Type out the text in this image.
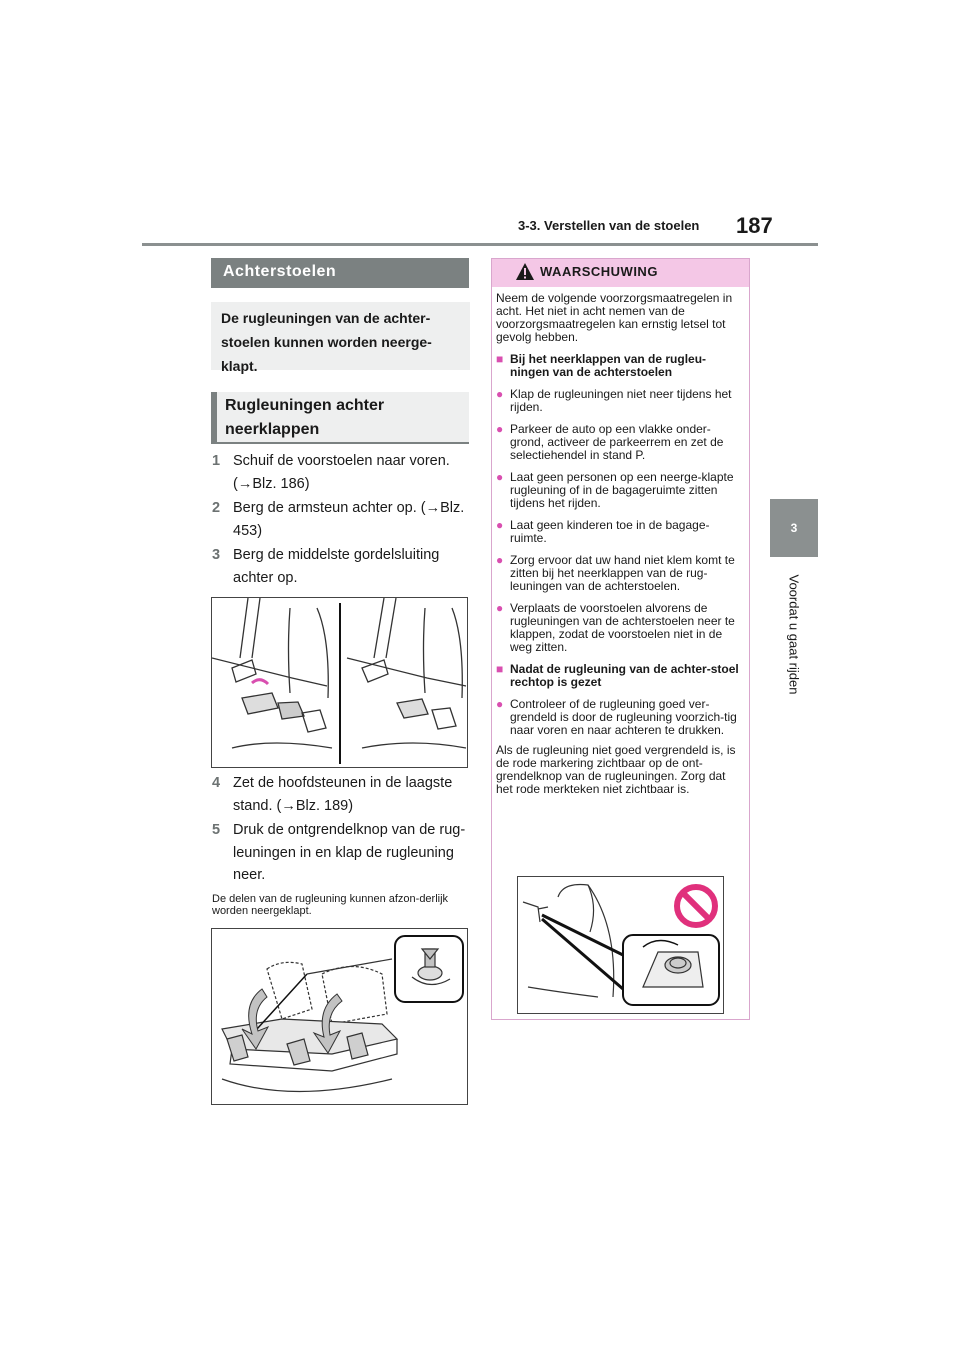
3-3. Verstellen van de stoelen 187
3
Voordat u gaat rijden
Achterstoelen
De rugleuningen van de achter-stoelen kunnen worden neerge-klapt.
Rugleuningen achter neerklappen
1 Schuif de voorstoelen naar voren. (→Blz. 186)
2 Berg de armsteun achter op. (→Blz. 453)
3 Berg de middelste gordelsluiting achter op.
4 Zet de hoofdsteunen in de laagste stand. (→Blz. 189)
5 Druk de ontgrendelknop van de rug-leuningen in en klap de rugleuning neer.
De delen van de rugleuning kunnen afzon-derlijk worden neergeklapt.
WAARSCHUWING

Neem de volgende voorzorgsmaatregelen in acht. Het niet in acht nemen van de voorzorgsmaatregelen kan ernstig letsel tot gevolg hebben.

■ Bij het neerklappen van de rugleu-ningen van de achterstoelen
● Klap de rugleuningen niet neer tijdens het rijden.
● Parkeer de auto op een vlakke onder-grond, activeer de parkeerrem en zet de selectiehendel in stand P.
● Laat geen personen op een neerge-klapte rugleuning of in de bagageruimte zitten tijdens het rijden.
● Laat geen kinderen toe in de bagage-ruimte.
● Zorg ervoor dat uw hand niet klem komt te zitten bij het neerklappen van de rug-leuningen van de achterstoelen.
● Verplaats de voorstoelen alvorens de rugleuningen van de achterstoelen neer te klappen, zodat de voorstoelen niet in de weg zitten.
■ Nadat de rugleuning van de achter-stoel rechtop is gezet
● Controleer of de rugleuning goed ver-grendeld is door de rugleuning voorzich-tig naar voren en naar achteren te drukken.

Als de rugleuning niet goed vergrendeld is, is de rode markering zichtbaar op de ont-grendelknop van de rugleuningen. Zorg dat het rode merkteken niet zichtbaar is.
